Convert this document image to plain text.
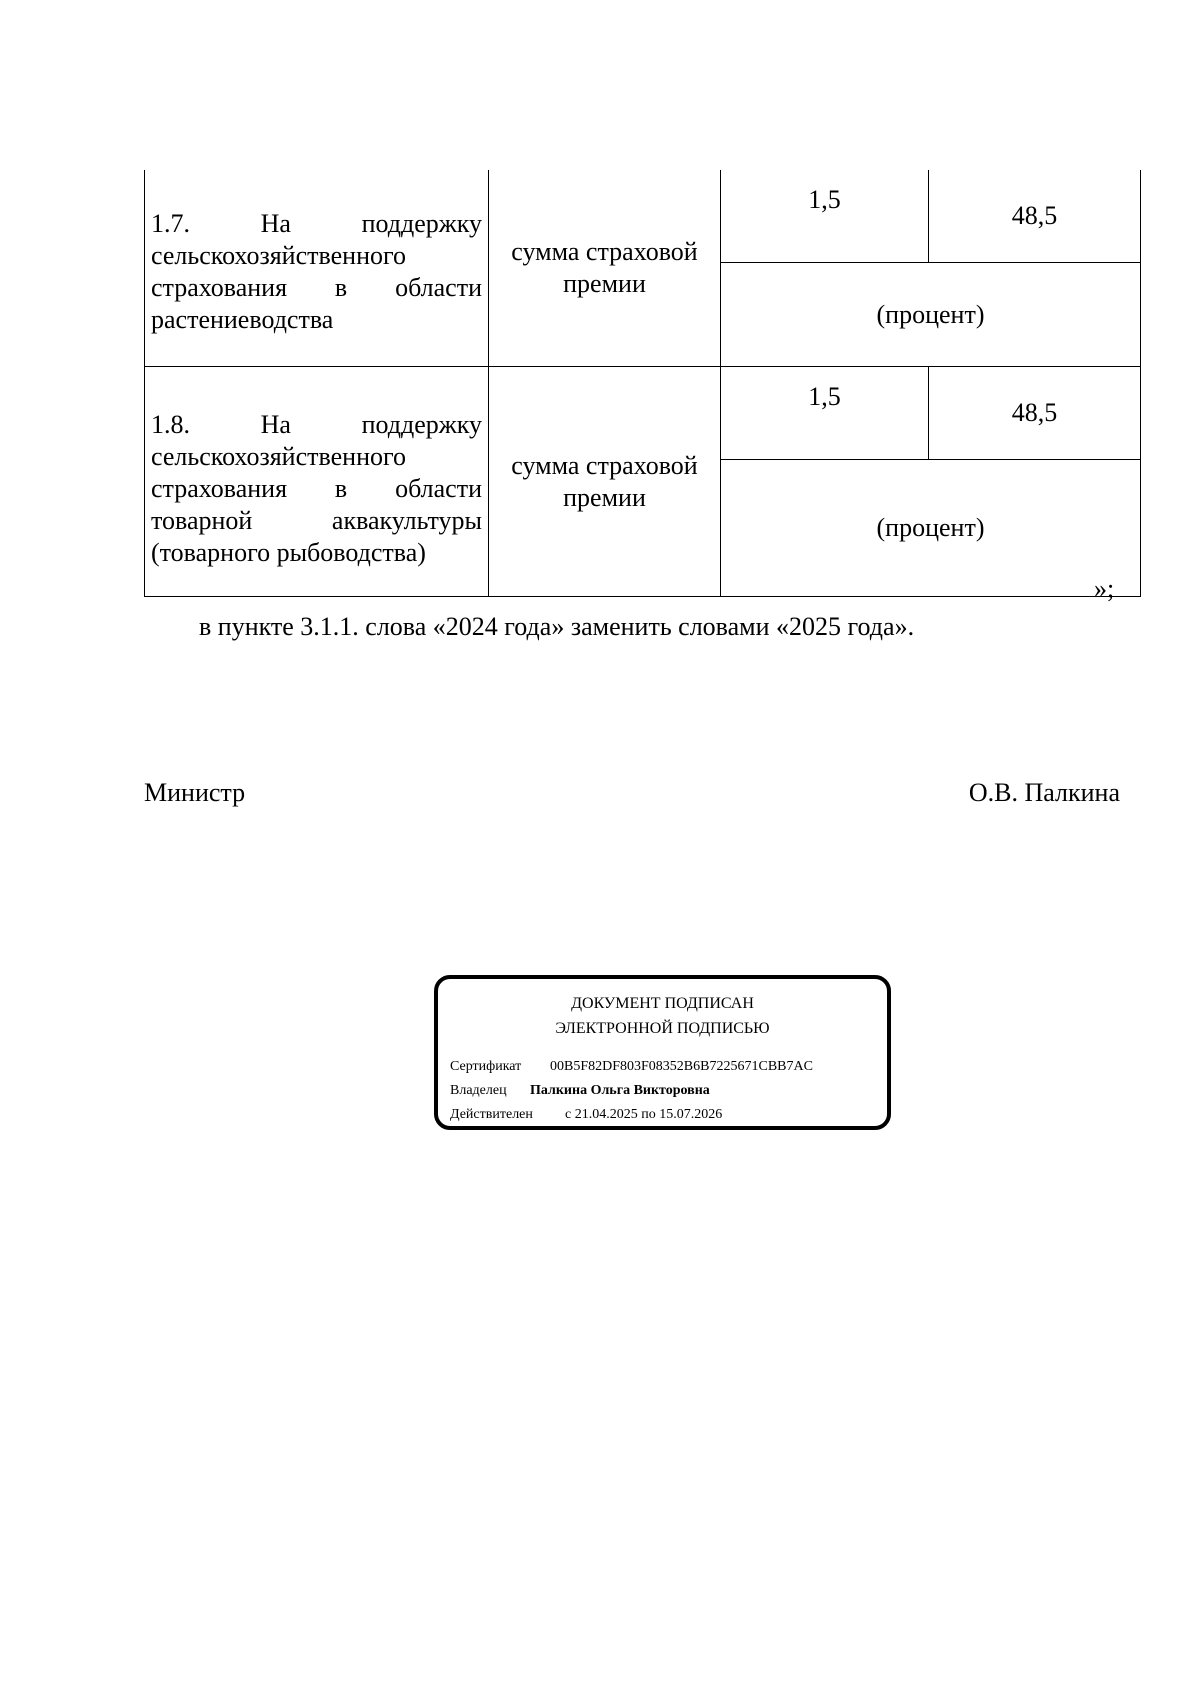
1.7. На поддержку сельскохозяйственного страхования в области растениеводства	сумма страховой премии	1,5	48,5
		(процент)	

1.8. На поддержку сельскохозяйственного страхования в области товарной аквакультуры (товарного рыбоводства)	сумма страховой премии	1,5	48,5
		(процент)	
»;
в пункте 3.1.1. слова «2024 года» заменить словами «2025 года».
Министр	О.В. Палкина
ДОКУМЕНТ ПОДПИСАН
ЭЛЕКТРОННОЙ ПОДПИСЬЮ
Сертификат 00B5F82DF803F08352B6B7225671CBB7AC
Владелец Палкина Ольга Викторовна
Действителен с 21.04.2025 по 15.07.2026
